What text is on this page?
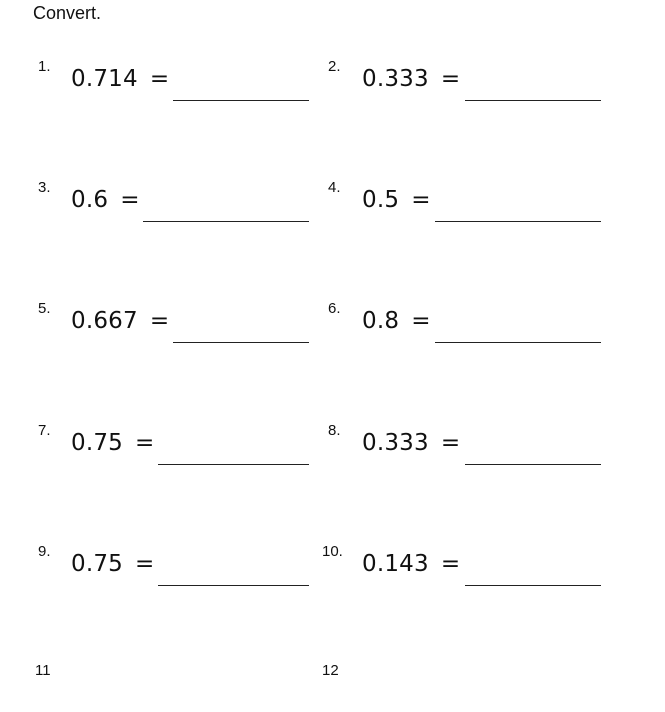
Convert.
1. 0.714 =	2. 0.333 =
3. 0.6 =	4. 0.5 =
5. 0.667 =	6. 0.8 =
7. 0.75 =	8. 0.333 =
9. 0.75 =	10. 0.143 =
11	12
